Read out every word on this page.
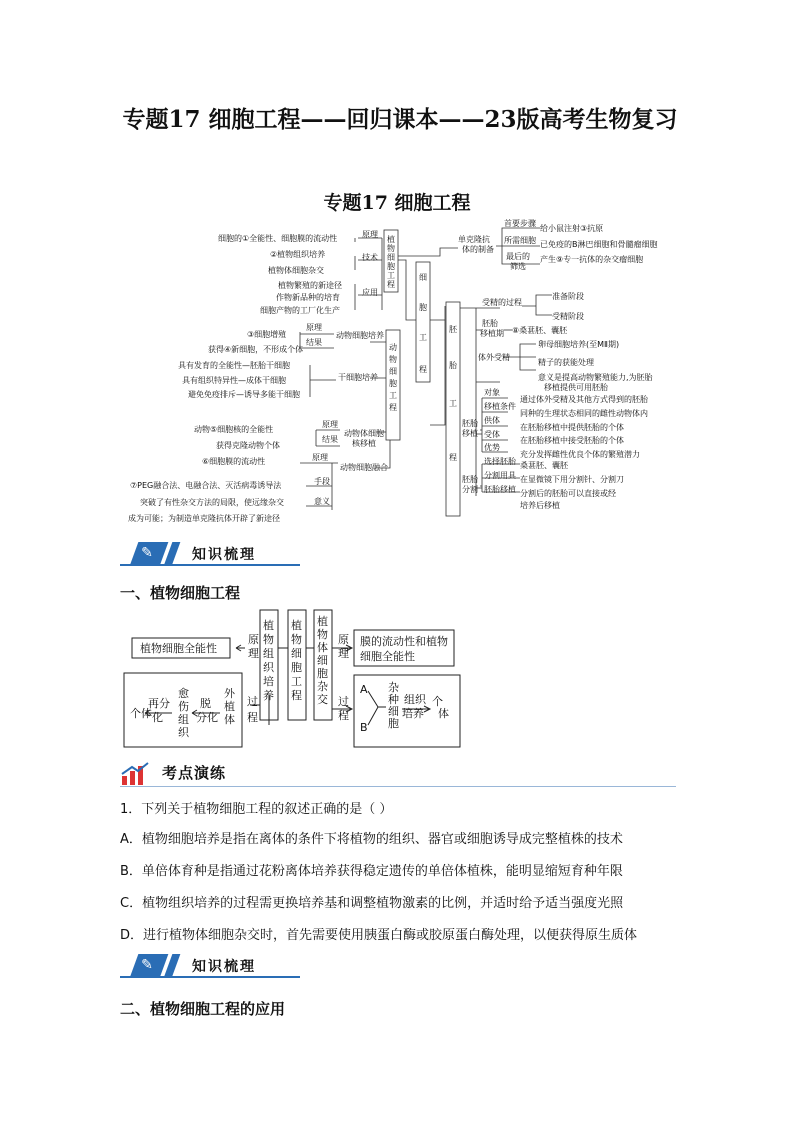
专题17 细胞工程——回归课本——23版高考生物复习
专题17 细胞工程
细胞的①全能性、细胞膜的流动性
②植物组织培养
植物体细胞杂交
植物繁殖的新途径
作物新品种的培育
细胞产物的工厂化生产
原理
技术
应用
植物细胞工程
单克隆抗
体的制备
首要步骤
所需细胞
最后的
筛选
给小鼠注射③抗原
已免疫的B淋巴细胞和骨髓瘤细胞
产生⑨专一抗体的杂交瘤细胞
细胞工程
动物细胞工程
③细胞增殖
获得④新细胞，不形成个体
原理
结果
动物细胞培养
具有发育的全能性—胚胎干细胞
具有组织特异性—成体干细胞
避免免疫排斥—诱导多能干细胞
干细胞培养
动物⑤细胞核的全能性
获得克隆动物个体
原理
结果
动物体细胞
核移植
⑥细胞膜的流动性
⑦PEG融合法、电融合法、灭活病毒诱导法
突破了有性杂交方法的局限，使远缘杂交
成为可能；为制造单克隆抗体开辟了新途径
原理
手段
意义
动物细胞融合
胚胎工程
受精的过程
准备阶段
受精阶段
胚胎
移植期 ⑧桑葚胚、囊胚
体外受精
卵母细胞培养(至MⅡ期)
精子的获能处理
意义是提高动物繁殖能力,为胚胎
移植提供可用胚胎
胚胎
移植
对象
移植条件
供体
受体
优势
通过体外受精及其他方式得到的胚胎
同种的生理状态相同的雌性动物体内
在胚胎移植中提供胚胎的个体
在胚胎移植中接受胚胎的个体
充分发挥雌性优良个体的繁殖潜力
胚胎
分割
选择胚胎
分割用具
胚胎移植
桑葚胚、囊胚
在显微镜下用分割针、分割刀
分割后的胚胎可以直接或经
培养后移植
✎	知识梳理
一、植物细胞工程
植物细胞全能性
原
理
植物组织培养
植物细胞工程
植物体细胞杂交
原
理
膜的流动性和植物
细胞全能性
过
程
个体
再分
化
愈伤组织
脱
分化
外植体
过
程
A
B
杂种细胞
组织
培养
个体
考点演练
1．下列关于植物细胞工程的叙述正确的是（ ）
A．植物细胞培养是指在离体的条件下将植物的组织、器官或细胞诱导成完整植株的技术
B．单倍体育种是指通过花粉离体培养获得稳定遗传的单倍体植株，能明显缩短育种年限
C．植物组织培养的过程需更换培养基和调整植物激素的比例，并适时给予适当强度光照
D．进行植物体细胞杂交时，首先需要使用胰蛋白酶或胶原蛋白酶处理，以便获得原生质体
✎	知识梳理
二、植物细胞工程的应用
